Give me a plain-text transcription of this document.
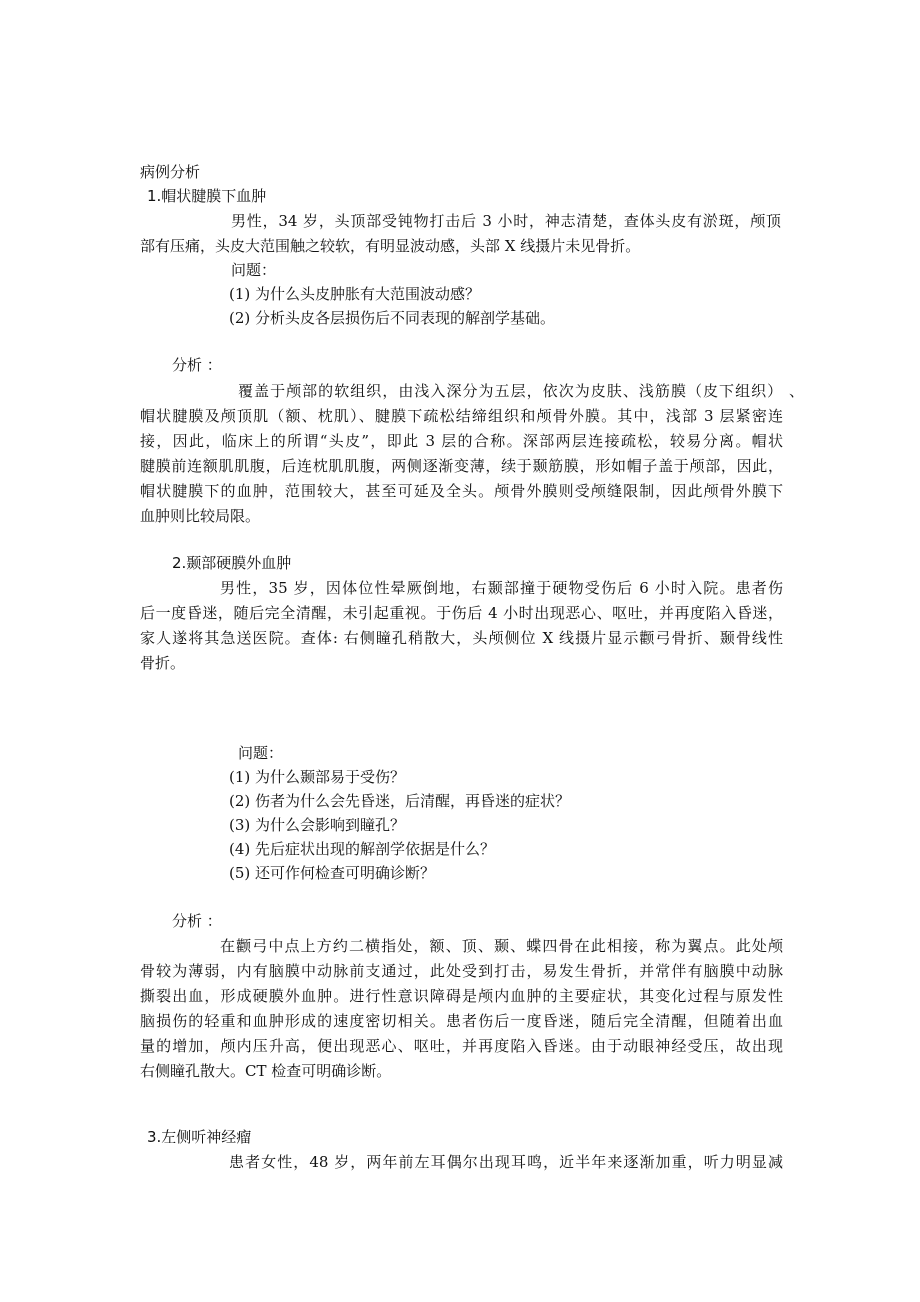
病例分析
1.帽状腱膜下血肿
男性，34 岁，头顶部受钝物打击后 3 小时，神志清楚，查体头皮有淤斑，颅顶
部有压痛，头皮大范围触之较软，有明显波动感，头部 X 线摄片未见骨折。
问题：
(1) 为什么头皮肿胀有大范围波动感？
(2) 分析头皮各层损伤后不同表现的解剖学基础。
分析 ：
覆盖于颅部的软组织，由浅入深分为五层，依次为皮肤、浅筋膜（皮下组织） 、
帽状腱膜及颅顶肌（额、枕肌）、腱膜下疏松结缔组织和颅骨外膜。其中，浅部 3 层紧密连
接，因此，临床上的所谓“头皮”，即此 3 层的合称。深部两层连接疏松，较易分离。帽状
腱膜前连额肌肌腹，后连枕肌肌腹，两侧逐渐变薄，续于颞筋膜，形如帽子盖于颅部，因此，
帽状腱膜下的血肿，范围较大，甚至可延及全头。颅骨外膜则受颅缝限制，因此颅骨外膜下
血肿则比较局限。
2.颞部硬膜外血肿
男性，35 岁，因体位性晕厥倒地，右颞部撞于硬物受伤后 6 小时入院。患者伤
后一度昏迷，随后完全清醒，未引起重视。于伤后 4 小时出现恶心、呕吐，并再度陷入昏迷，
家人遂将其急送医院。查体: 右侧瞳孔稍散大，头颅侧位 X 线摄片显示颧弓骨折、颞骨线性
骨折。
问题：
(1) 为什么颞部易于受伤？
(2) 伤者为什么会先昏迷，后清醒，再昏迷的症状？
(3) 为什么会影响到瞳孔？
(4) 先后症状出现的解剖学依据是什么？
(5) 还可作何检查可明确诊断？
分析 ：
在颧弓中点上方约二横指处，额、顶、颞、蝶四骨在此相接，称为翼点。此处颅
骨较为薄弱，内有脑膜中动脉前支通过，此处受到打击，易发生骨折，并常伴有脑膜中动脉
撕裂出血，形成硬膜外血肿。进行性意识障碍是颅内血肿的主要症状，其变化过程与原发性
脑损伤的轻重和血肿形成的速度密切相关。患者伤后一度昏迷，随后完全清醒，但随着出血
量的增加，颅内压升高，便出现恶心、呕吐，并再度陷入昏迷。由于动眼神经受压，故出现
右侧瞳孔散大。CT 检查可明确诊断。
3.左侧听神经瘤
患者女性，48 岁，两年前左耳偶尔出现耳鸣，近半年来逐渐加重，听力明显减
